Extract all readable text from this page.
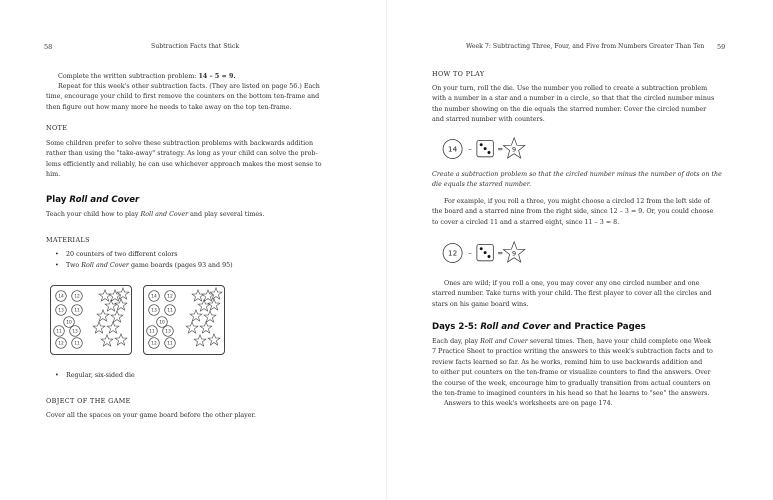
58	Subtraction Facts that Stick

Complete the written subtraction problem: 14 – 5 = 9.

Repeat for this week's other subtraction facts. (They are listed on page 56.) Each
time, encourage your child to first remove the counters on the bottom ten-frame and
then figure out how many more he needs to take away on the top ten-frame.

NOTE

Some children prefer to solve these subtraction problems with backwards addition
rather than using the "take-away" strategy. As long as your child can solve the prob-
lems efficiently and reliably, he can use whichever approach makes the most sense to
him.

Play Roll and Cover

Teach your child how to play Roll and Cover and play several times.

MATERIALS
• 20 counters of two different colors
• Two Roll and Cover game boards (pages 93 and 95)
14 12
13 11
10
11 13
12 11
14 12
13 11
10
11 13
12 11
• Regular, six-sided die
OBJECT OF THE GAME

Cover all the spaces on your game board before the other player.

Week 7: Subtracting Three, Four, and Five from Numbers Greater Than Ten 59
HOW TO PLAY

On your turn, roll the die. Use the number you rolled to create a subtraction problem
with a number in a star and a number in a circle, so that that the circled number minus
the number showing on the die equals the starred number. Cover the circled number
and starred number with counters.

14 –	= 9

Create a subtraction problem so that the circled number minus the number of dots on the
die equals the starred number.

For example, if you roll a three, you might choose a circled 12 from the left side of
the board and a starred nine from the right side, since 12 – 3 = 9. Or, you could choose
to cover a circled 11 and a starred eight, since 11 – 3 = 8.

12 –	= 9

Ones are wild; if you roll a one, you may cover any one circled number and one
starred number. Take turns with your child. The first player to cover all the circles and
stars on his game board wins.

Days 2-5: Roll and Cover and Practice Pages

Each day, play Roll and Cover several times. Then, have your child complete one Week
7 Practice Sheet to practice writing the answers to this week's subtraction facts and to
review facts learned so far. As he works, remind him to use backwards addition and
to either put counters on the ten-frame or visualize counters to find the answers. Over
the course of the week, encourage him to gradually transition from actual counters on
the ten-frame to imagined counters in his head so that he learns to "see" the answers.
Answers to this week's worksheets are on page 174.
